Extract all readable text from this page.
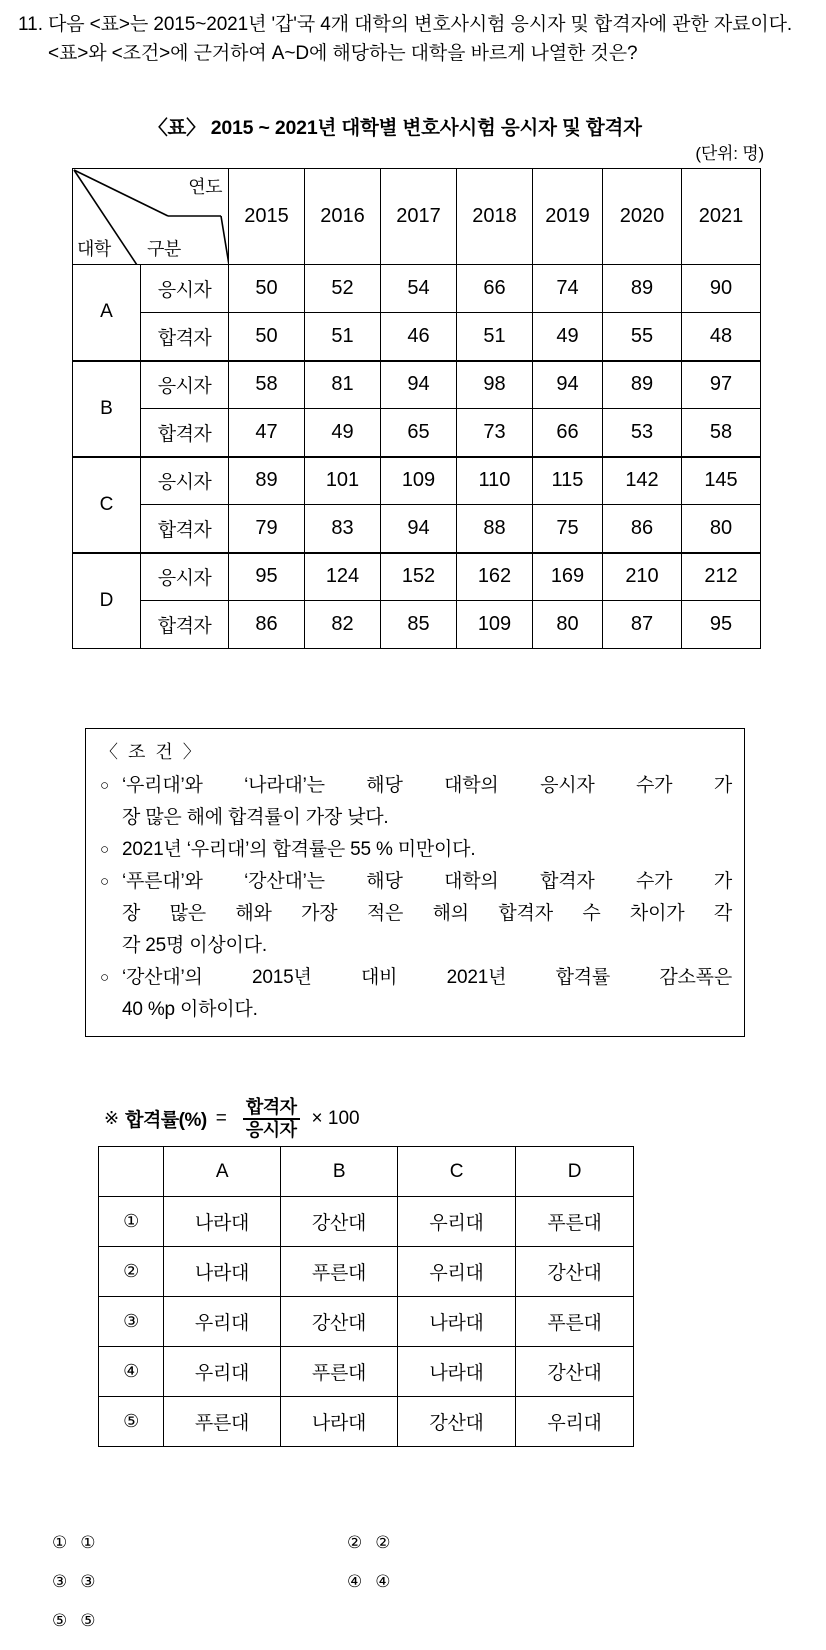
11. 다음 <표>는 2015~2021년 '갑'국 4개 대학의 변호사시험 응시자 및 합격자에 관한 자료이다. <표>와 <조건>에 근거하여 A~D에 해당하는 대학을 바르게 나열한 것은?
〈표〉 2015 ~ 2021년 대학별 변호사시험 응시자 및 합격자
(단위: 명)
연도
구분
대학		2015	2016	2017	2018	2019	2020	2021
A	응시자	50	52	54	66	74	89	90
	합격자	50	51	46	51	49	55	48
B	응시자	58	81	94	98	94	89	97
	합격자	47	49	65	73	66	53	58
C	응시자	89	101	109	110	115	142	145
	합격자	79	83	94	88	75	86	80
D	응시자	95	124	152	162	169	210	212
	합격자	86	82	85	109	80	87	95
〈 조 건 〉
○ ‘우리대’와 ‘나라대’는 해당 대학의 응시자 수가 가
장 많은 해에 합격률이 가장 낮다.
○ 2021년 ‘우리대’의 합격률은 55 % 미만이다.
○ ‘푸른대’와 ‘강산대’는 해당 대학의 합격자 수가 가
장 많은 해와 가장 적은 해의 합격자 수 차이가 각
각 25명 이상이다.
○ ‘강산대’의 2015년 대비 2021년 합격률 감소폭은
40 %p 이하이다.
※ 합격률(%) = $\frac{\text{합격자}}{\text{응시자}} \times 100$
	A	B	C	D
①	나라대	강산대	우리대	푸른대
②	나라대	푸른대	우리대	강산대
③	우리대	강산대	나라대	푸른대
④	우리대	푸른대	나라대	강산대
⑤	푸른대	나라대	강산대	우리대
① ①	② ②
③ ③	④ ④
⑤ ⑤
